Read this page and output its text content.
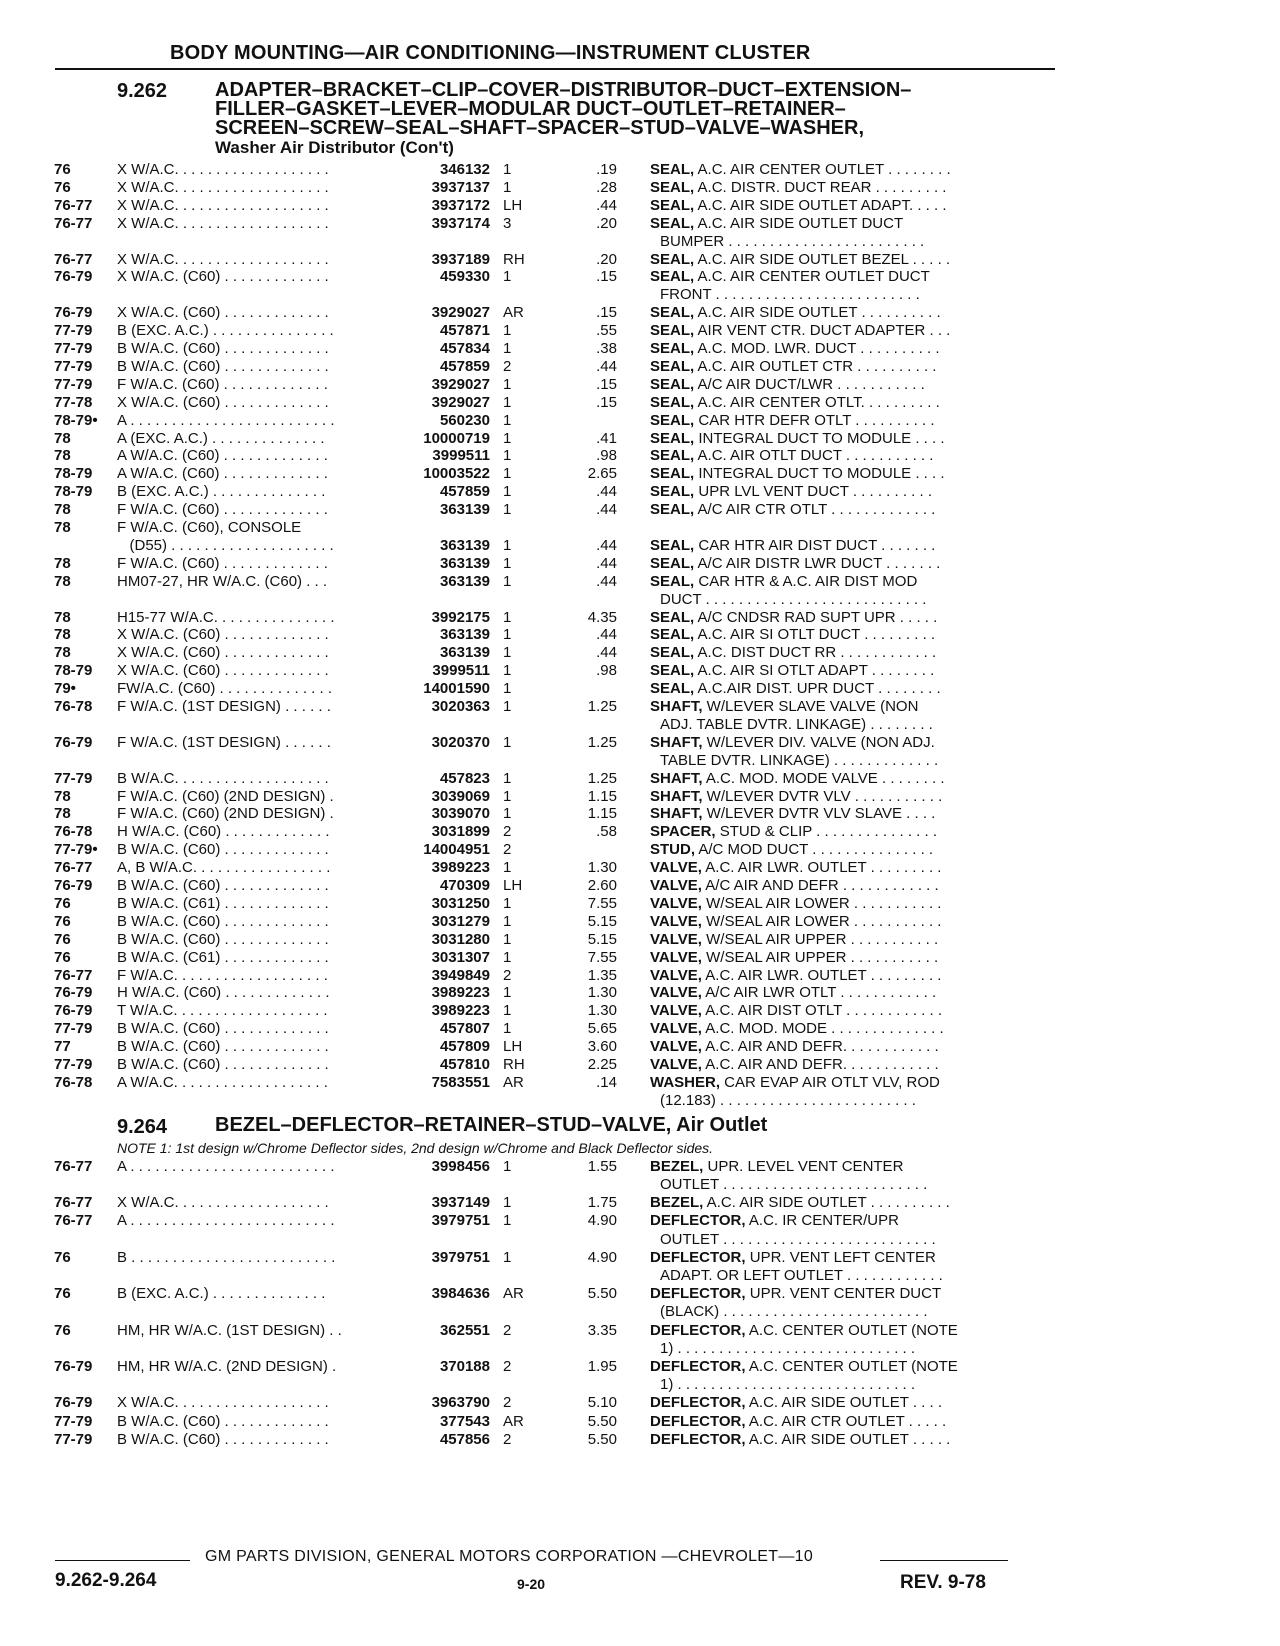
BODY MOUNTING—AIR CONDITIONING—INSTRUMENT CLUSTER
9.262 ADAPTER–BRACKET–CLIP–COVER–DISTRIBUTOR–DUCT–EXTENSION–
FILLER–GASKET–LEVER–MODULAR DUCT–OUTLET–RETAINER–
SCREEN–SCREW–SEAL–SHAFT–SPACER–STUD–VALVE–WASHER,
Washer Air Distributor (Con't)
76	X W/A.C. . . . . . . . . . . . . . . . . . .	346132 1	.19 SEAL, A.C. AIR CENTER OUTLET . . . . . . . .
76	X W/A.C. . . . . . . . . . . . . . . . . . .	3937137 1	.28 SEAL, A.C. DISTR. DUCT REAR . . . . . . . . .
76-77 X W/A.C. . . . . . . . . . . . . . . . . . .	3937172 LH	.44 SEAL, A.C. AIR SIDE OUTLET ADAPT. . . . .
76-77 X W/A.C. . . . . . . . . . . . . . . . . . .	3937174 3	.20 SEAL, A.C. AIR SIDE OUTLET DUCT
BUMPER . . . . . . . . . . . . . . . . . . . . . . . .
76-77 X W/A.C. . . . . . . . . . . . . . . . . . .	3937189 RH	.20 SEAL, A.C. AIR SIDE OUTLET BEZEL . . . . .
76-79 X W/A.C. (C60) . . . . . . . . . . . . .	459330 1	.15 SEAL, A.C. AIR CENTER OUTLET DUCT
FRONT . . . . . . . . . . . . . . . . . . . . . . . . .
76-79 X W/A.C. (C60) . . . . . . . . . . . . .	3929027 AR	.15 SEAL, A.C. AIR SIDE OUTLET . . . . . . . . . .
77-79 B (EXC. A.C.) . . . . . . . . . . . . . . .	457871 1	.55 SEAL, AIR VENT CTR. DUCT ADAPTER . . .
77-79 B W/A.C. (C60) . . . . . . . . . . . . .	457834 1	.38 SEAL, A.C. MOD. LWR. DUCT . . . . . . . . . .
77-79 B W/A.C. (C60) . . . . . . . . . . . . .	457859 2	.44 SEAL, A.C. AIR OUTLET CTR . . . . . . . . . .
77-79 F W/A.C. (C60) . . . . . . . . . . . . .	3929027 1	.15 SEAL, A/C AIR DUCT/LWR . . . . . . . . . . .
77-78 X W/A.C. (C60) . . . . . . . . . . . . .	3929027 1	.15 SEAL, A.C. AIR CENTER OTLT. . . . . . . . . .
78-79• A . . . . . . . . . . . . . . . . . . . . . . . . .	560230 1	SEAL, CAR HTR DEFR OTLT . . . . . . . . . .
78	A (EXC. A.C.) . . . . . . . . . . . . . .	10000719 1	.41 SEAL, INTEGRAL DUCT TO MODULE . . . .
78	A W/A.C. (C60) . . . . . . . . . . . . .	3999511 1	.98 SEAL, A.C. AIR OTLT DUCT . . . . . . . . . . .
78-79 A W/A.C. (C60) . . . . . . . . . . . . .	10003522 1	2.65 SEAL, INTEGRAL DUCT TO MODULE . . . .
78-79 B (EXC. A.C.) . . . . . . . . . . . . . .	457859 1	.44 SEAL, UPR LVL VENT DUCT . . . . . . . . . .
78	F W/A.C. (C60) . . . . . . . . . . . . .	363139 1	.44 SEAL, A/C AIR CTR OTLT . . . . . . . . . . . . .
78	F W/A.C. (C60), CONSOLE
(D55) . . . . . . . . . . . . . . . . . . . .	363139 1	.44 SEAL, CAR HTR AIR DIST DUCT . . . . . . .
78	F W/A.C. (C60) . . . . . . . . . . . . .	363139 1	.44 SEAL, A/C AIR DISTR LWR DUCT . . . . . . .
78	HM07-27, HR W/A.C. (C60) . . .	363139 1	.44 SEAL, CAR HTR & A.C. AIR DIST MOD
DUCT . . . . . . . . . . . . . . . . . . . . . . . . . . .
78	H15-77 W/A.C. . . . . . . . . . . . . . .	3992175 1	4.35 SEAL, A/C CNDSR RAD SUPT UPR . . . . .
78	X W/A.C. (C60) . . . . . . . . . . . . .	363139 1	.44 SEAL, A.C. AIR SI OTLT DUCT . . . . . . . . .
78	X W/A.C. (C60) . . . . . . . . . . . . .	363139 1	.44 SEAL, A.C. DIST DUCT RR . . . . . . . . . . . .
78-79 X W/A.C. (C60) . . . . . . . . . . . . .	3999511 1	.98 SEAL, A.C. AIR SI OTLT ADAPT . . . . . . . .
79•	FW/A.C. (C60) . . . . . . . . . . . . . .	14001590 1	SEAL, A.C.AIR DIST. UPR DUCT . . . . . . . .
76-78 F W/A.C. (1ST DESIGN) . . . . . .	3020363 1	1.25 SHAFT, W/LEVER SLAVE VALVE (NON
ADJ. TABLE DVTR. LINKAGE) . . . . . . . .
76-79 F W/A.C. (1ST DESIGN) . . . . . .	3020370 1	1.25 SHAFT, W/LEVER DIV. VALVE (NON ADJ.
TABLE DVTR. LINKAGE) . . . . . . . . . . . . .
77-79 B W/A.C. . . . . . . . . . . . . . . . . . .	457823 1	1.25 SHAFT, A.C. MOD. MODE VALVE . . . . . . . .
78	F W/A.C. (C60) (2ND DESIGN) .	3039069 1	1.15 SHAFT, W/LEVER DVTR VLV . . . . . . . . . . .
78	F W/A.C. (C60) (2ND DESIGN) .	3039070 1	1.15 SHAFT, W/LEVER DVTR VLV SLAVE . . . .
76-78 H W/A.C. (C60) . . . . . . . . . . . . .	3031899 2	.58 SPACER, STUD & CLIP . . . . . . . . . . . . . . .
77-79• B W/A.C. (C60) . . . . . . . . . . . . .	14004951 2	STUD, A/C MOD DUCT . . . . . . . . . . . . . . .
76-77 A, B W/A.C. . . . . . . . . . . . . . . . .	3989223 1	1.30 VALVE, A.C. AIR LWR. OUTLET . . . . . . . . .
76-79 B W/A.C. (C60) . . . . . . . . . . . . .	470309 LH	2.60 VALVE, A/C AIR AND DEFR . . . . . . . . . . . .
76	B W/A.C. (C61) . . . . . . . . . . . . .	3031250 1	7.55 VALVE, W/SEAL AIR LOWER . . . . . . . . . . .
76	B W/A.C. (C60) . . . . . . . . . . . . .	3031279 1	5.15 VALVE, W/SEAL AIR LOWER . . . . . . . . . . .
76	B W/A.C. (C60) . . . . . . . . . . . . .	3031280 1	5.15 VALVE, W/SEAL AIR UPPER . . . . . . . . . . .
76	B W/A.C. (C61) . . . . . . . . . . . . .	3031307 1	7.55 VALVE, W/SEAL AIR UPPER . . . . . . . . . . .
76-77 F W/A.C. . . . . . . . . . . . . . . . . . .	3949849 2	1.35 VALVE, A.C. AIR LWR. OUTLET . . . . . . . . .
76-79 H W/A.C. (C60) . . . . . . . . . . . . .	3989223 1	1.30 VALVE, A/C AIR LWR OTLT . . . . . . . . . . . .
76-79 T W/A.C. . . . . . . . . . . . . . . . . . .	3989223 1	1.30 VALVE, A.C. AIR DIST OTLT . . . . . . . . . . . .
77-79 B W/A.C. (C60) . . . . . . . . . . . . .	457807 1	5.65 VALVE, A.C. MOD. MODE . . . . . . . . . . . . . .
77	B W/A.C. (C60) . . . . . . . . . . . . .	457809 LH	3.60 VALVE, A.C. AIR AND DEFR. . . . . . . . . . . .
77-79 B W/A.C. (C60) . . . . . . . . . . . . .	457810 RH	2.25 VALVE, A.C. AIR AND DEFR. . . . . . . . . . . .
76-78 A W/A.C. . . . . . . . . . . . . . . . . . .	7583551 AR	.14 WASHER, CAR EVAP AIR OTLT VLV, ROD
(12.183) . . . . . . . . . . . . . . . . . . . . . . . .
9.264 BEZEL–DEFLECTOR–RETAINER–STUD–VALVE, Air Outlet
NOTE 1: 1st design w/Chrome Deflector sides, 2nd design w/Chrome and Black Deflector sides.
76-77 A . . . . . . . . . . . . . . . . . . . . . . . . .	3998456 1	1.55 BEZEL, UPR. LEVEL VENT CENTER
OUTLET . . . . . . . . . . . . . . . . . . . . . . . . .
76-77 X W/A.C. . . . . . . . . . . . . . . . . . .	3937149 1	1.75 BEZEL, A.C. AIR SIDE OUTLET . . . . . . . . . .
76-77 A . . . . . . . . . . . . . . . . . . . . . . . . .	3979751 1	4.90 DEFLECTOR, A.C. IR CENTER/UPR
OUTLET . . . . . . . . . . . . . . . . . . . . . . . . . .
76	B . . . . . . . . . . . . . . . . . . . . . . . . .	3979751 1	4.90 DEFLECTOR, UPR. VENT LEFT CENTER
ADAPT. OR LEFT OUTLET . . . . . . . . . . . .
76	B (EXC. A.C.) . . . . . . . . . . . . . .	3984636 AR	5.50 DEFLECTOR, UPR. VENT CENTER DUCT
(BLACK) . . . . . . . . . . . . . . . . . . . . . . . . .
76	HM, HR W/A.C. (1ST DESIGN) . .	362551 2	3.35 DEFLECTOR, A.C. CENTER OUTLET (NOTE
1) . . . . . . . . . . . . . . . . . . . . . . . . . . . . .
76-79 HM, HR W/A.C. (2ND DESIGN) .	370188 2	1.95 DEFLECTOR, A.C. CENTER OUTLET (NOTE
1) . . . . . . . . . . . . . . . . . . . . . . . . . . . . .
76-79 X W/A.C. . . . . . . . . . . . . . . . . . .	3963790 2	5.10 DEFLECTOR, A.C. AIR SIDE OUTLET . . . .
77-79 B W/A.C. (C60) . . . . . . . . . . . . .	377543 AR	5.50 DEFLECTOR, A.C. AIR CTR OUTLET . . . . .
77-79 B W/A.C. (C60) . . . . . . . . . . . . .	457856 2	5.50 DEFLECTOR, A.C. AIR SIDE OUTLET . . . . .
GM PARTS DIVISION, GENERAL MOTORS CORPORATION —CHEVROLET—10
9.262-9.264	9-20	REV. 9-78
